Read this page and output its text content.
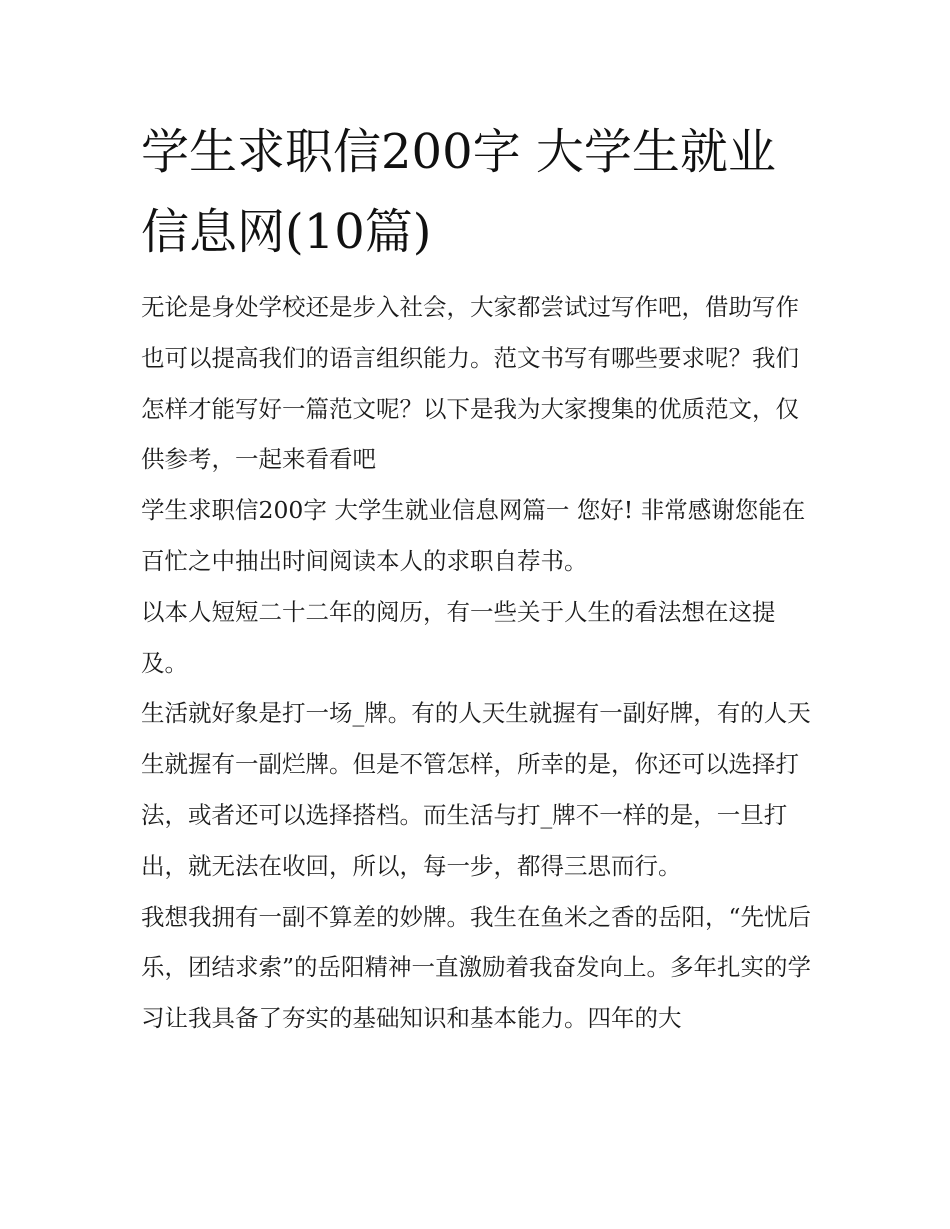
学生求职信200字 大学生就业信息网(10篇)

无论是身处学校还是步入社会，大家都尝试过写作吧，借助写作也可以提高我们的语言组织能力。范文书写有哪些要求呢？我们怎样才能写好一篇范文呢？以下是我为大家搜集的优质范文，仅供参考，一起来看看吧

学生求职信200字 大学生就业信息网篇一 您好! 非常感谢您能在百忙之中抽出时间阅读本人的求职自荐书。

以本人短短二十二年的阅历，有一些关于人生的看法想在这提及。

生活就好象是打一场_牌。有的人天生就握有一副好牌，有的人天生就握有一副烂牌。但是不管怎样，所幸的是，你还可以选择打法，或者还可以选择搭档。而生活与打_牌不一样的是，一旦打出，就无法在收回，所以，每一步，都得三思而行。

我想我拥有一副不算差的妙牌。我生在鱼米之香的岳阳，“先忧后乐，团结求索”的岳阳精神一直激励着我奋发向上。多年扎实的学习让我具备了夯实的基础知识和基本能力。四年的大
